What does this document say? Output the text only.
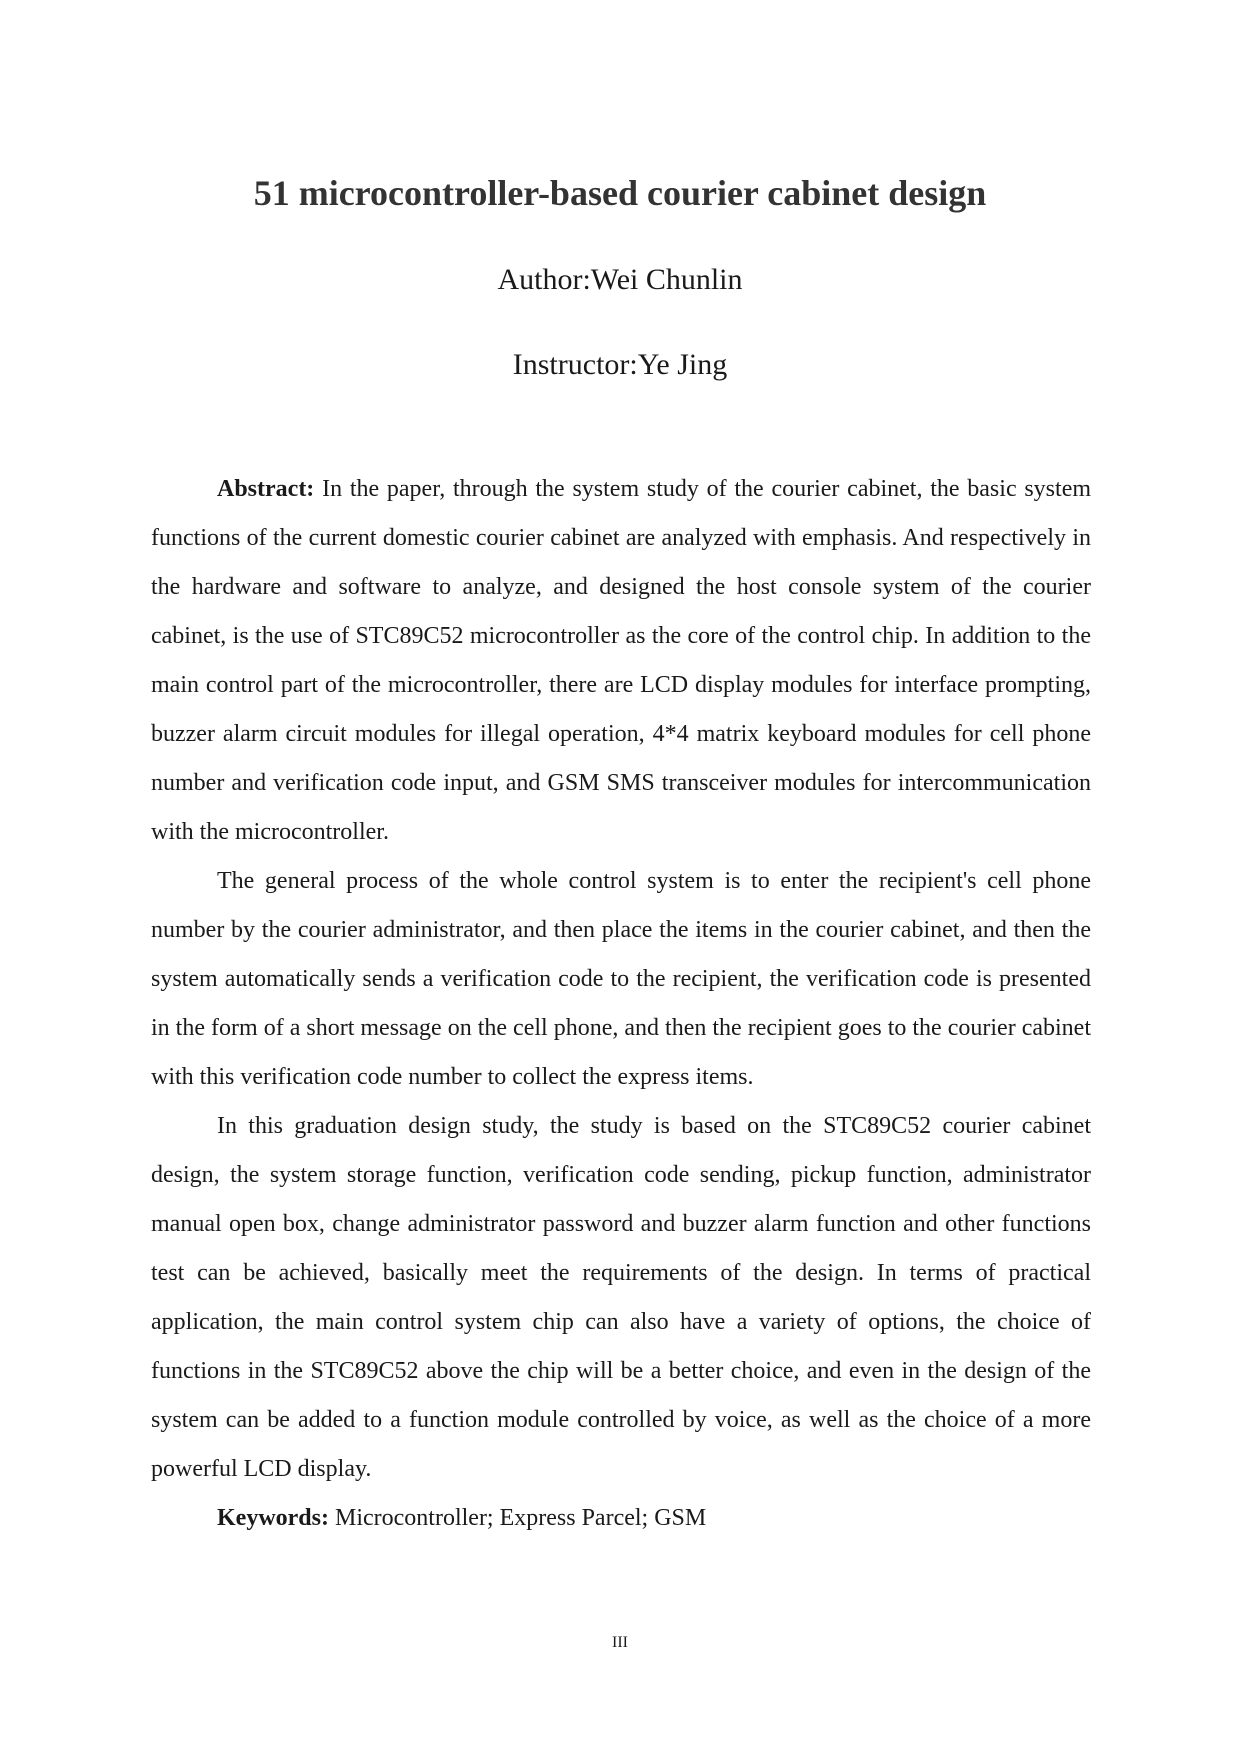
51 microcontroller-based courier cabinet design
Author:Wei Chunlin
Instructor:Ye Jing

Abstract: In the paper, through the system study of the courier cabinet, the basic system functions of the current domestic courier cabinet are analyzed with emphasis. And respectively in the hardware and software to analyze, and designed the host console system of the courier cabinet, is the use of STC89C52 microcontroller as the core of the control chip. In addition to the main control part of the microcontroller, there are LCD display modules for interface prompting, buzzer alarm circuit modules for illegal operation, 4*4 matrix keyboard modules for cell phone number and verification code input, and GSM SMS transceiver modules for intercommunication with the microcontroller.

The general process of the whole control system is to enter the recipient's cell phone number by the courier administrator, and then place the items in the courier cabinet, and then the system automatically sends a verification code to the recipient, the verification code is presented in the form of a short message on the cell phone, and then the recipient goes to the courier cabinet with this verification code number to collect the express items.

In this graduation design study, the study is based on the STC89C52 courier cabinet design, the system storage function, verification code sending, pickup function, administrator manual open box, change administrator password and buzzer alarm function and other functions test can be achieved, basically meet the requirements of the design. In terms of practical application, the main control system chip can also have a variety of options, the choice of functions in the STC89C52 above the chip will be a better choice, and even in the design of the system can be added to a function module controlled by voice, as well as the choice of a more powerful LCD display.

Keywords: Microcontroller; Express Parcel; GSM

III
